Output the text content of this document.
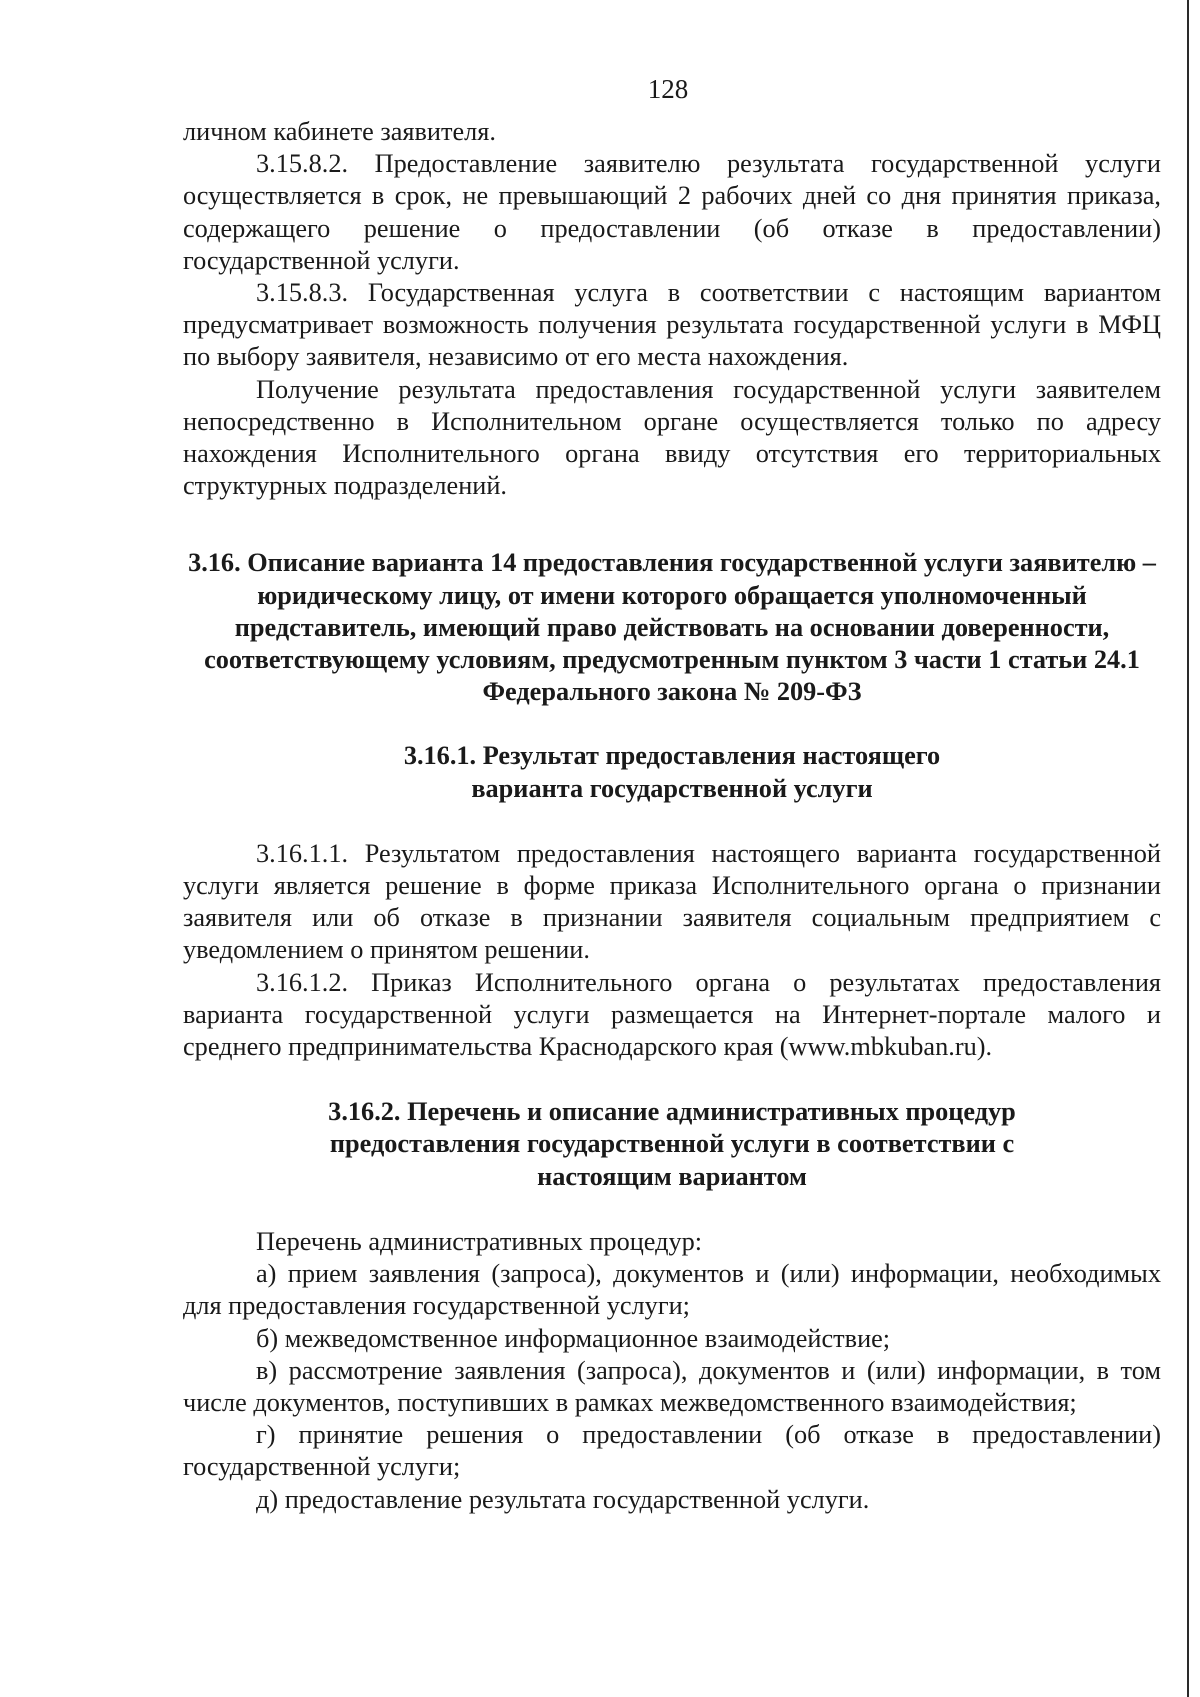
128

личном кабинете заявителя.

3.15.8.2. Предоставление заявителю результата государственной услуги осуществляется в срок, не превышающий 2 рабочих дней со дня принятия приказа, содержащего решение о предоставлении (об отказе в предоставлении) государственной услуги.

3.15.8.3. Государственная услуга в соответствии с настоящим вариантом предусматривает возможность получения результата государственной услуги в МФЦ по выбору заявителя, независимо от его места нахождения.

Получение результата предоставления государственной услуги заявителем непосредственно в Исполнительном органе осуществляется только по адресу нахождения Исполнительного органа ввиду отсутствия его территориальных структурных подразделений.

3.16. Описание варианта 14 предоставления государственной услуги заявителю – юридическому лицу, от имени которого обращается уполномоченный представитель, имеющий право действовать на основании доверенности, соответствующему условиям, предусмотренным пунктом 3 части 1 статьи 24.1 Федерального закона № 209-ФЗ
3.16.1. Результат предоставления настоящего варианта государственной услуги

3.16.1.1. Результатом предоставления настоящего варианта государственной услуги является решение в форме приказа Исполнительного органа о признании заявителя или об отказе в признании заявителя социальным предприятием с уведомлением о принятом решении.

3.16.1.2. Приказ Исполнительного органа о результатах предоставления варианта государственной услуги размещается на Интернет-портале малого и среднего предпринимательства Краснодарского края (www.mbkuban.ru).

3.16.2. Перечень и описание административных процедур предоставления государственной услуги в соответствии с настоящим вариантом

Перечень административных процедур:

а) прием заявления (запроса), документов и (или) информации, необходимых для предоставления государственной услуги;

б) межведомственное информационное взаимодействие;

в) рассмотрение заявления (запроса), документов и (или) информации, в том числе документов, поступивших в рамках межведомственного взаимодействия;

г) принятие решения о предоставлении (об отказе в предоставлении) государственной услуги;

д) предоставление результата государственной услуги.
